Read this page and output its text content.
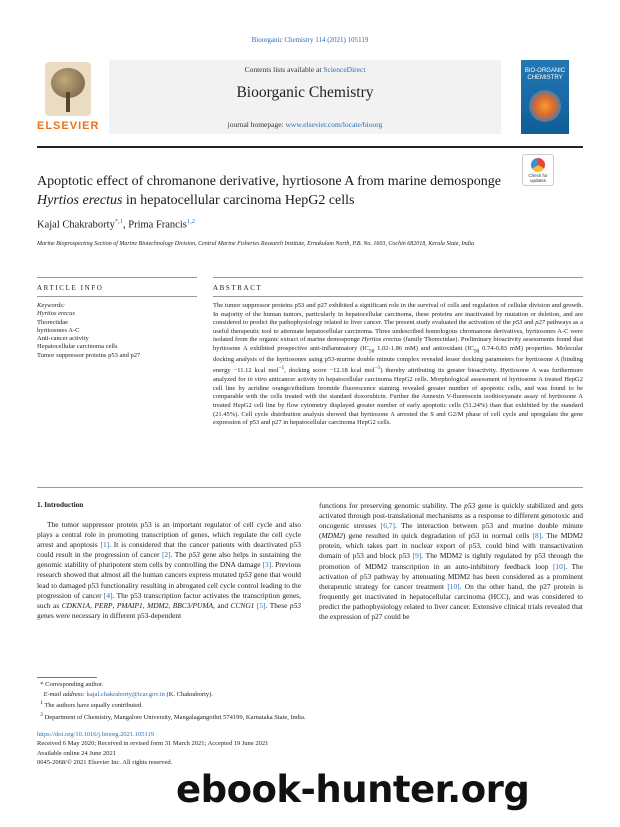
Bioorganic Chemistry 114 (2021) 105119
ELSEVIER
Contents lists available at ScienceDirect
Bioorganic Chemistry
journal homepage: www.elsevier.com/locate/bioorg
BIO-ORGANIC CHEMISTRY
Apoptotic effect of chromanone derivative, hyrtiosone A from marine demosponge Hyrtios erectus in hepatocellular carcinoma HepG2 cells
Check for updates
Kajal Chakraborty$^{*,1}$, Prima Francis$^{1,2}$
Marine Bioprospecting Section of Marine Biotechnology Division, Central Marine Fisheries Research Institute, Ernakulam North, P.B. No. 1603, Cochin 682018, Kerala State, India
ARTICLE INFO	ABSTRACT
Keywords:
Hyrtios erecus
Thorectidae
hyrtiosones A-C
Anti-cancer activity
Hepatocellular carcinoma cells
Tumor suppressor proteins p53 and p27
The tumor suppressor proteins p53 and p27 exhibited a significant role in the survival of cells and regulation of cellular division and growth. In majority of the human tumors, particularly in hepatocellular carcinoma, these proteins are inactivated by mutation or deletion, and are considered to predict the pathophysiology related to liver cancer. The present study evaluated the activation of the p53 and p27 pathways as a useful therapeutic tool to attenuate hepatocellular carcinoma. Three undescribed homologous chromanone derivatives, hyrtiosones A-C were isolated from the organic extract of marine demosponge Hyrtios erectus (family Thorectidae). Preliminary bioactivity assessments found that hyrtiosone A exhibited prospective anti-inflammatory ($IC_{50}$ 1.02-1.86 mM) and antioxidant ($IC_{50}$ 0.74-0.83 mM) properties. Molecular docking analysis of the hyrtiosones using p53-murine double minute complex revealed lesser docking parameters for hyrtiosone A (binding energy −11.12 kcal mol$^{-1}$, docking score −12.18 kcal mol$^{-1}$) thereby attributing its greater bioactivity. Hyrtiosone A was furthermore analyzed for in vitro anticancer activity in hepatocellular carcinoma HepG2 cells. Morphological assessment of hyrtiosone A treated HepG2 cell line by acridine orange/ethidium bromide fluorescence staining revealed greater number of apoptotic cells, and was found to be comparable with the cells treated with the standard doxorubicin. Further the Annexin V-fluorescein isothiocyanate assay of hyrtiosone A treated HepG2 cell line by flow cytometry displayed greater number of early apoptotic cells (51.24%) than that exhibited by the standard (21.45%). Cell cycle distribution analysis showed that hyrtiosone A arrested the S and G2/M phase of cell cycle and upregulate the gene expression of p53 and p27 in hepatocellular carcinoma HepG2 cells.
1. Introduction

The tumor suppressor protein p53 is an important regulator of cell cycle and also plays a central role in promoting transcription of genes, which regulate the cell cycle arrest and apoptosis [1]. It is considered that the cancer patients with deactivated p53 could result in the progression of cancer [2]. The p53 gene also helps in sustaining the genomic stability of pluripotent stem cells by controlling the DNA damage [3]. Previous research showed that almost all the human cancers express mutated tp53 gene that would lead to damaged p53 functionality resulting in abrogated cell cycle control leading to the progression of cancer [4]. The p53 transcription factor activates the transcription genes, such as CDKN1A, PERP, PMAIP1, MDM2, BBC3/PUMA, and CCNG1 [5]. These p53 genes were necessary in different p53-dependent

functions for preserving genomic stability. The p53 gene is quickly stabilized and gets activated through post-translational mechanisms as a response to different genotoxic and oncogenic stresses [6,7]. The interaction between p53 and murine double minute (MDM2) gene resulted in quick degradation of p53 in normal cells [8]. The MDM2 protein, which takes part in nuclear export of p53, could bind with transactivation domain of p53 and block p53 [9]. The MDM2 is tightly regulated by p53 through the promotion of MDM2 transcription in an auto-inhibitory feedback loop [10]. The activation of p53 pathway by attenuating MDM2 has been considered as a prominent therapeutic strategy for cancer treatment [10]. On the other hand, the p27 protein is frequently get inactivated in hepatocellular carcinoma (HCC), and was considered to predict the pathophysiology related to liver cancer. Extensive clinical trials revealed that the expression of p27 could be

* Corresponding author.
E-mail address: kajal.chakraborty@icar.gov.in (K. Chakraborty).
$^1$ The authors have equally contributed.
$^2$ Department of Chemistry, Mangalore University, Mangalagangothri 574199, Karnataka State, India.
https://doi.org/10.1016/j.bioorg.2021.105119
Received 6 May 2020; Received in revised form 31 March 2021; Accepted 19 June 2021
Available online 24 June 2021
0045-2068/© 2021 Elsevier Inc. All rights reserved.
ebook-hunter.org
